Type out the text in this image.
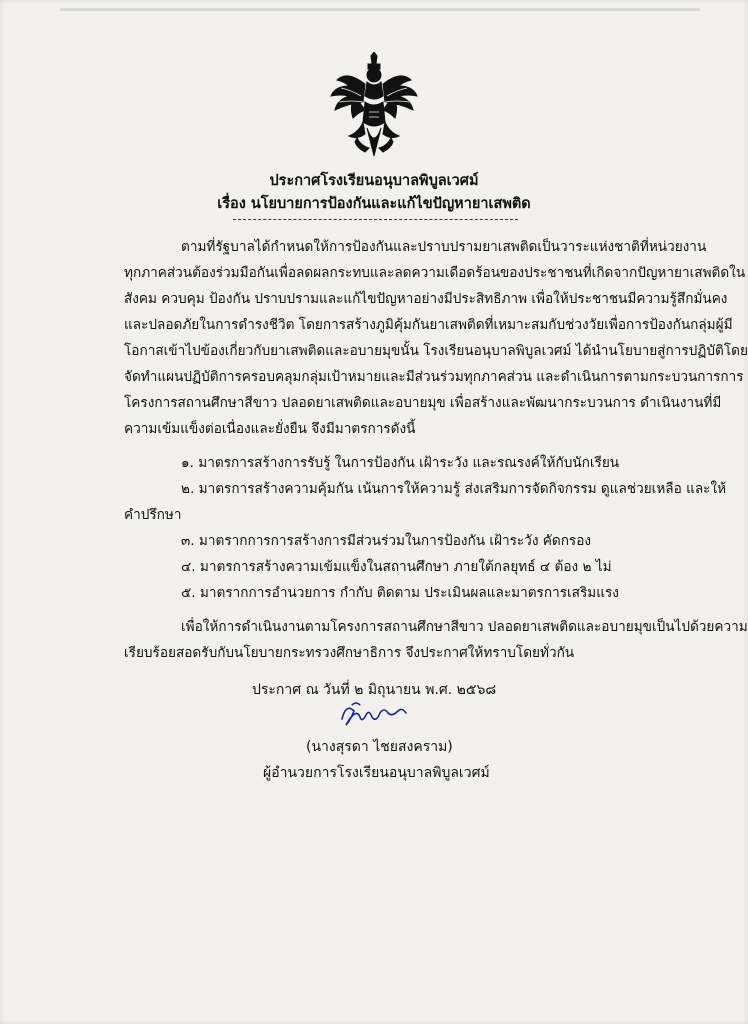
ประกาศโรงเรียนอนุบาลพิบูลเวศม์
เรื่อง นโยบายการป้องกันและแก้ไขปัญหายาเสพติด
ตามที่รัฐบาลได้กำหนดให้การป้องกันและปราบปรามยาเสพติดเป็นวาระแห่งชาติที่หน่วยงาน
ทุกภาคส่วนต้องร่วมมือกันเพื่อลดผลกระทบและลดความเดือดร้อนของประชาชนที่เกิดจากปัญหายาเสพติดใน
สังคม ควบคุม ป้องกัน ปราบปรามและแก้ไขปัญหาอย่างมีประสิทธิภาพ เพื่อให้ประชาชนมีความรู้สึกมั่นคง
และปลอดภัยในการดำรงชีวิต โดยการสร้างภูมิคุ้มกันยาเสพติดที่เหมาะสมกับช่วงวัยเพื่อการป้องกันกลุ่มผู้มี
โอกาสเข้าไปข้องเกี่ยวกับยาเสพติดและอบายมุขนั้น โรงเรียนอนุบาลพิบูลเวศม์ ได้นำนโยบายสู่การปฏิบัติโดย
จัดทำแผนปฏิบัติการครอบคลุมกลุ่มเป้าหมายและมีส่วนร่วมทุกภาคส่วน และดำเนินการตามกระบวนการการ
โครงการสถานศึกษาสีขาว ปลอดยาเสพติดและอบายมุข เพื่อสร้างและพัฒนากระบวนการ ดำเนินงานที่มี
ความเข้มแข็งต่อเนื่องและยั่งยืน จึงมีมาตรการดังนี้
๑. มาตรการสร้างการรับรู้ ในการป้องกัน เฝ้าระวัง และรณรงค์ให้กับนักเรียน
๒. มาตรการสร้างความคุ้มกัน เน้นการให้ความรู้ ส่งเสริมการจัดกิจกรรม ดูแลช่วยเหลือ และให้
คำปรึกษา
๓. มาตรากการการสร้างการมีส่วนร่วมในการป้องกัน เฝ้าระวัง คัดกรอง
๔. มาตรการสร้างความเข้มแข็งในสถานศึกษา ภายใต้กลยุทธ์ ๔ ต้อง ๒ ไม่
๕. มาตรากการอำนวยการ กำกับ ติดตาม ประเมินผลและมาตรการเสริมแรง
เพื่อให้การดำเนินงานตามโครงการสถานศึกษาสีขาว ปลอดยาเสพติดและอบายมุขเป็นไปด้วยความ
เรียบร้อยสอดรับกับนโยบายกระทรวงศึกษาธิการ จึงประกาศให้ทราบโดยทั่วกัน
ประกาศ ณ วันที่ ๒ มิถุนายน พ.ศ. ๒๕๖๘
(นางสุรดา ไชยสงคราม)
ผู้อำนวยการโรงเรียนอนุบาลพิบูลเวศม์
